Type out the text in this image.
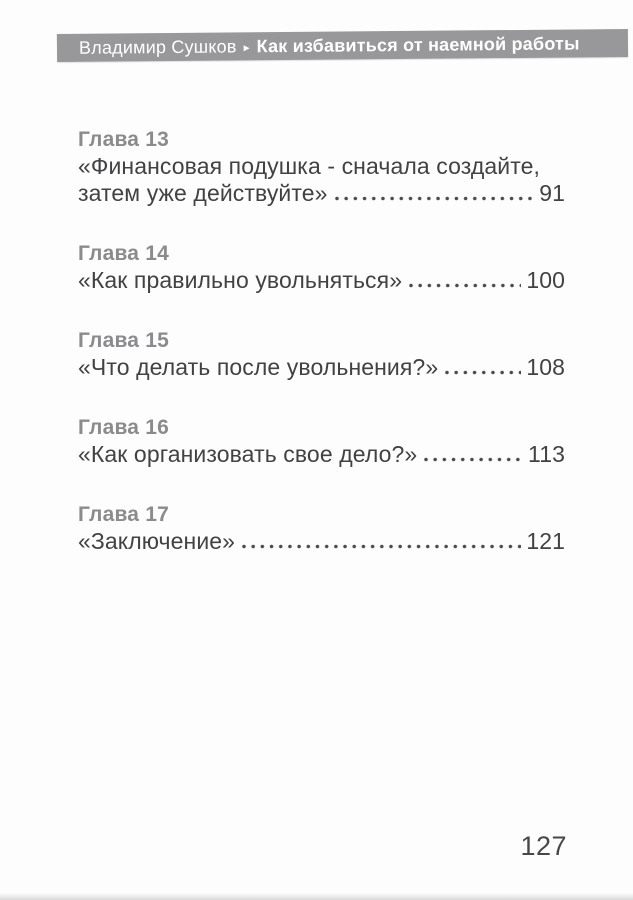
Владимир Сушков ▸ Как избавиться от наемной работы
Глава 13
«Финансовая подушка - сначала создайте,
затем уже действуйте»	91
Глава 14
«Как правильно увольняться»	100
Глава 15
«Что делать после увольнения?»	108
Глава 16
«Как организовать свое дело?»	113
Глава 17
«Заключение»	121
127
